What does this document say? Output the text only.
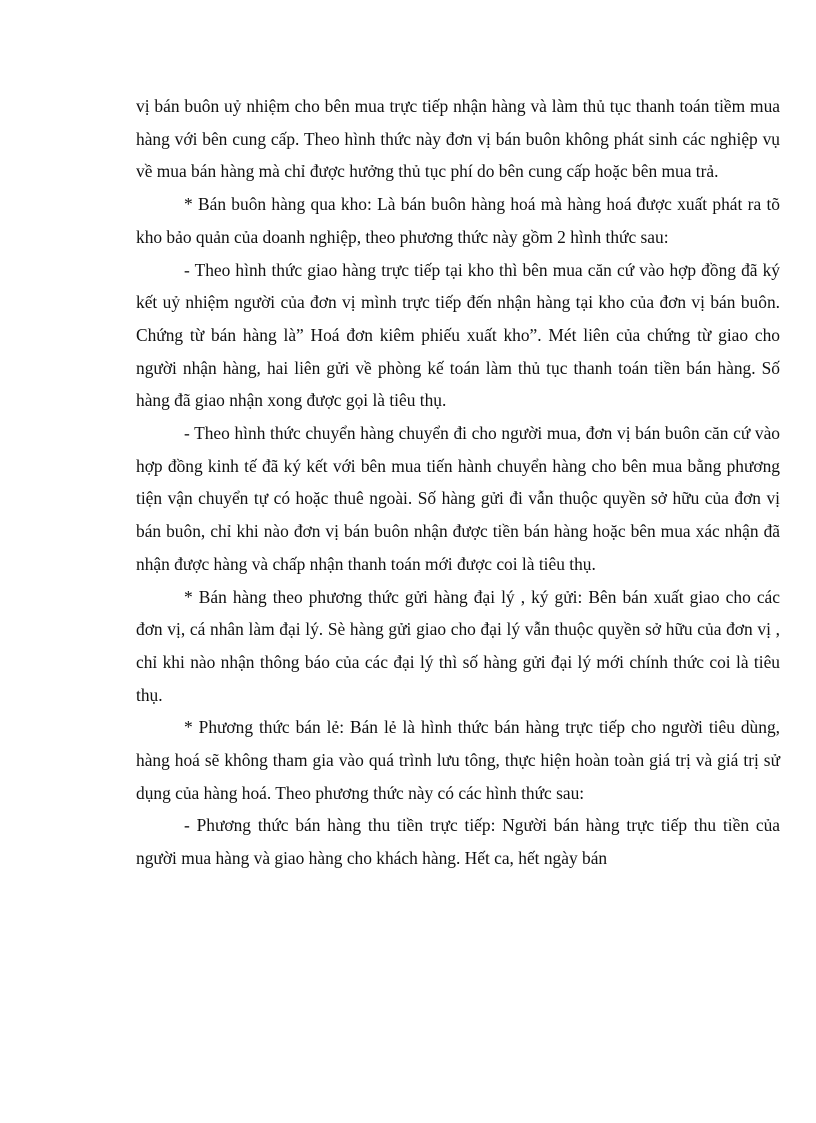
vị bán buôn uỷ nhiệm cho bên mua trực tiếp nhận hàng và làm thủ tục thanh toán tiềm mua hàng với bên cung cấp. Theo hình thức này đơn vị bán buôn không phát sinh các nghiệp vụ về mua bán hàng mà chỉ được hưởng thủ tục phí do bên cung cấp hoặc bên mua trả.

* Bán buôn hàng qua kho: Là bán buôn hàng hoá mà hàng hoá được xuất phát ra tõ kho bảo quản của doanh nghiệp, theo phương thức này gồm 2 hình thức sau:

- Theo hình thức giao hàng trực tiếp tại kho thì bên mua căn cứ vào hợp đồng đã ký kết uỷ nhiệm người của đơn vị mình trực tiếp đến nhận hàng tại kho của đơn vị bán buôn. Chứng từ bán hàng là” Hoá đơn kiêm phiếu xuất kho”. Mét liên của chứng từ giao cho người nhận hàng, hai liên gửi về phòng kế toán làm thủ tục thanh toán tiền bán hàng. Số hàng đã giao nhận xong được gọi là tiêu thụ.

- Theo hình thức chuyển hàng chuyển đi cho người mua, đơn vị bán buôn căn cứ vào hợp đồng kinh tế đã ký kết với bên mua tiến hành chuyển hàng cho bên mua bằng phương tiện vận chuyển tự có hoặc thuê ngoài. Số hàng gửi đi vẫn thuộc quyền sở hữu của đơn vị bán buôn, chỉ khi nào đơn vị bán buôn nhận được tiền bán hàng hoặc bên mua xác nhận đã nhận được hàng và chấp nhận thanh toán mới được coi là tiêu thụ.

* Bán hàng theo phương thức gửi hàng đại lý , ký gửi: Bên bán xuất giao cho các đơn vị, cá nhân làm đại lý. Sè hàng gửi giao cho đại lý vẫn thuộc quyền sở hữu của đơn vị , chỉ khi nào nhận thông báo của các đại lý thì số hàng gửi đại lý mới chính thức coi là tiêu thụ.

* Phương thức bán lẻ: Bán lẻ là hình thức bán hàng trực tiếp cho người tiêu dùng, hàng hoá sẽ không tham gia vào quá trình lưu tông, thực hiện hoàn toàn giá trị và giá trị sử dụng của hàng hoá. Theo phương thức này có các hình thức sau:

- Phương thức bán hàng thu tiền trực tiếp: Người bán hàng trực tiếp thu tiền của người mua hàng và giao hàng cho khách hàng. Hết ca, hết ngày bán
